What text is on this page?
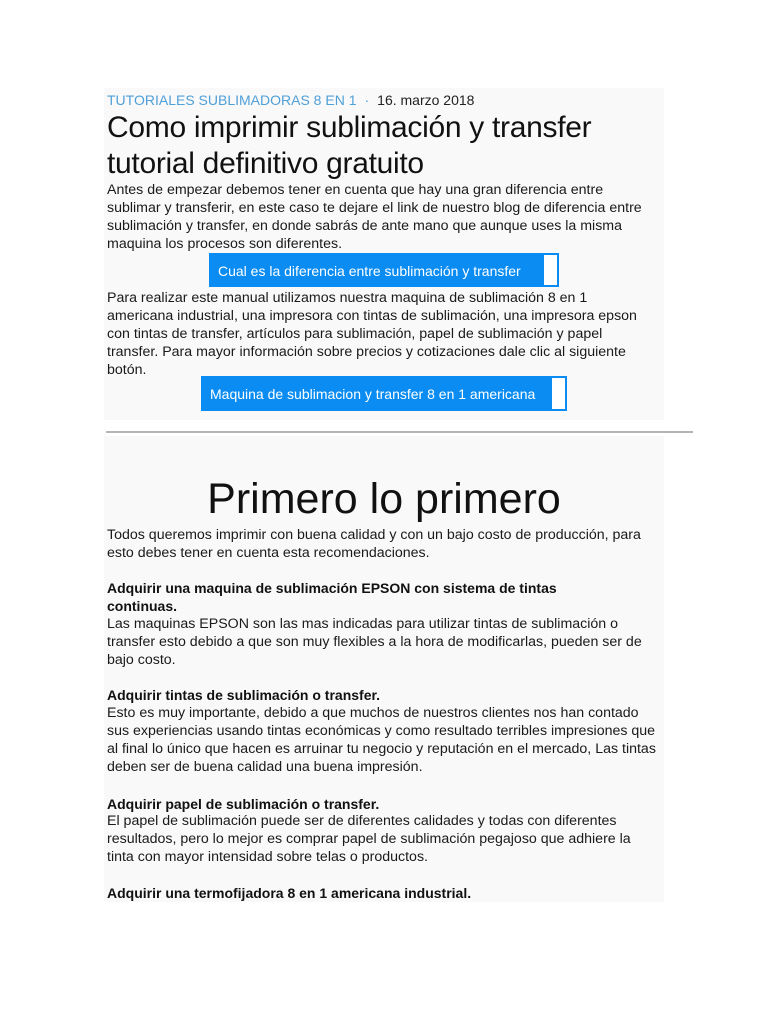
TUTORIALES SUBLIMADORAS 8 EN 1 · 16. marzo 2018
Como imprimir sublimación y transfer tutorial definitivo gratuito

Antes de empezar debemos tener en cuenta que hay una gran diferencia entre sublimar y transferir, en este caso te dejare el link de nuestro blog de diferencia entre sublimación y transfer, en donde sabrás de ante mano que aunque uses la misma maquina los procesos son diferentes.

Cual es la diferencia entre sublimación y transfer

Para realizar este manual utilizamos nuestra maquina de sublimación 8 en 1 americana industrial, una impresora con tintas de sublimación, una impresora epson con tintas de transfer, artículos para sublimación, papel de sublimación y papel transfer. Para mayor información sobre precios y cotizaciones dale clic al siguiente botón.

Maquina de sublimacion y transfer 8 en 1 americana
Primero lo primero

Todos queremos imprimir con buena calidad y con un bajo costo de producción, para esto debes tener en cuenta esta recomendaciones.

Adquirir una maquina de sublimación EPSON con sistema de tintas continuas.

Las maquinas EPSON son las mas indicadas para utilizar tintas de sublimación o transfer esto debido a que son muy flexibles a la hora de modificarlas, pueden ser de bajo costo.

Adquirir tintas de sublimación o transfer.

Esto es muy importante, debido a que muchos de nuestros clientes nos han contado sus experiencias usando tintas económicas y como resultado terribles impresiones que al final lo único que hacen es arruinar tu negocio y reputación en el mercado, Las tintas deben ser de buena calidad una buena impresión.

Adquirir papel de sublimación o transfer.

El papel de sublimación puede ser de diferentes calidades y todas con diferentes resultados, pero lo mejor es comprar papel de sublimación pegajoso que adhiere la tinta con mayor intensidad sobre telas o productos.

Adquirir una termofijadora 8 en 1 americana industrial.
